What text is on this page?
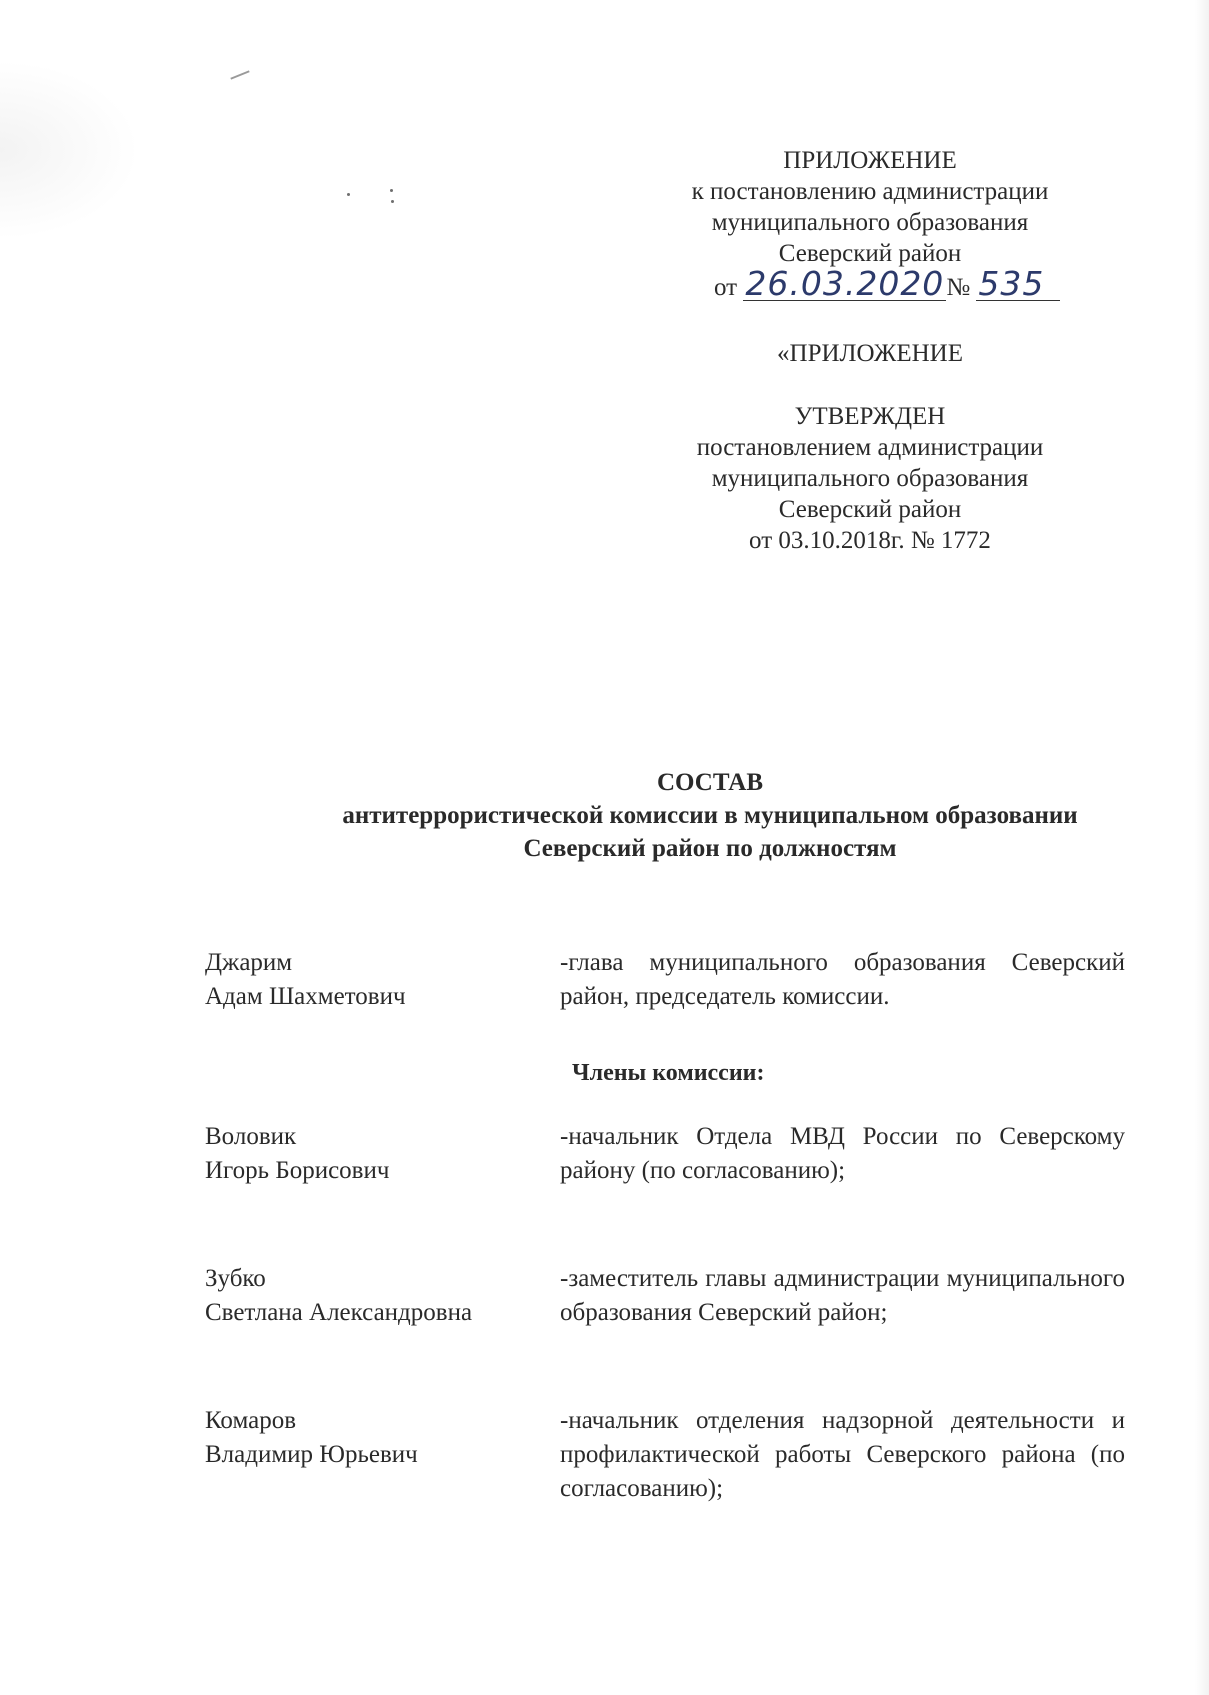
ПРИЛОЖЕНИЕ
к постановлению администрации
муниципального образования
Северский район
от 26.03.2020№ 535
«ПРИЛОЖЕНИЕ
УТВЕРЖДЕН
постановлением администрации
муниципального образования
Северский район
от 03.10.2018г. № 1772
СОСТАВ
антитеррористической комиссии в муниципальном образовании
Северский район по должностям
Джарим
Адам Шахметович
-глава муниципального образования Северский район, председатель комиссии.
Члены комиссии:
Воловик
Игорь Борисович
-начальник Отдела МВД России по Северскому району (по согласованию);
Зубко
Светлана Александровна
-заместитель главы администрации муниципального образования Северский район;
Комаров
Владимир Юрьевич
-начальник отделения надзорной деятельности и профилактической работы Северского района (по согласованию);
